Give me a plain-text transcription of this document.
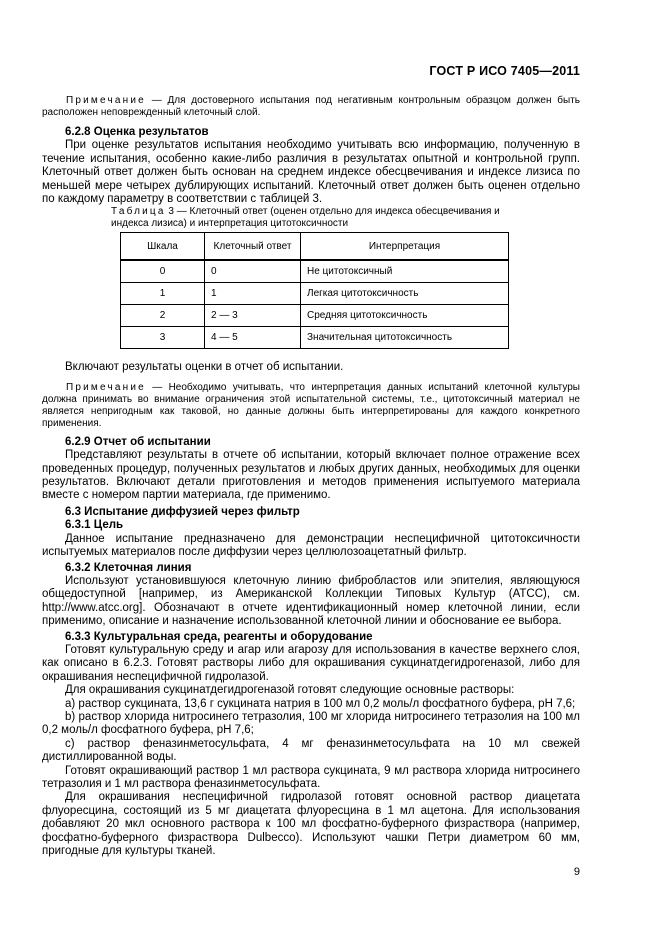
ГОСТ Р ИСО 7405—2011

Примечание — Для достоверного испытания под негативным контрольным образцом должен быть расположен неповрежденный клеточный слой.

6.2.8 Оценка результатов

При оценке результатов испытания необходимо учитывать всю информацию, полученную в течение испытания, особенно какие-либо различия в результатах опытной и контрольной групп. Клеточный ответ должен быть основан на среднем индексе обесцвечивания и индексе лизиса по меньшей мере четырех дублирующих испытаний. Клеточный ответ должен быть оценен отдельно по каждому параметру в соответствии с таблицей 3.

Таблица 3 — Клеточный ответ (оценен отдельно для индекса обесцвечивания и индекса лизиса) и интерпретация цитотоксичности

Шкала	Клеточный ответ	Интерпретация
0	0	Не цитотоксичный
1	1	Легкая цитотоксичность
2	2 — 3	Средняя цитотоксичность
3	4 — 5	Значительная цитотоксичность

Включают результаты оценки в отчет об испытании.

Примечание — Необходимо учитывать, что интерпретация данных испытаний клеточной культуры должна принимать во внимание ограничения этой испытательной системы, т.е., цитотоксичный материал не является непригодным как таковой, но данные должны быть интерпретированы для каждого конкретного применения.

6.2.9 Отчет об испытании

Представляют результаты в отчете об испытании, который включает полное отражение всех проведенных процедур, полученных результатов и любых других данных, необходимых для оценки результатов. Включают детали приготовления и методов применения испытуемого материала вместе с номером партии материала, где применимо.

6.3 Испытание диффузией через фильтр

6.3.1 Цель

Данное испытание предназначено для демонстрации неспецифичной цитотоксичности испытуемых материалов после диффузии через целлюлозоацетатный фильтр.

6.3.2 Клеточная линия

Используют установившуюся клеточную линию фибробластов или эпителия, являющуюся общедоступной [например, из Американской Коллекции Типовых Культур (ATCC), см. http://www.atcc.org]. Обозначают в отчете идентификационный номер клеточной линии, если применимо, описание и назначение использованной клеточной линии и обоснование ее выбора.

6.3.3 Культуральная среда, реагенты и оборудование

Готовят культуральную среду и агар или агарозу для использования в качестве верхнего слоя, как описано в 6.2.3. Готовят растворы либо для окрашивания сукцинатдегидрогеназой, либо для окрашивания неспецифичной гидролазой.

Для окрашивания сукцинатдегидрогеназой готовят следующие основные растворы:

a) раствор сукцината, 13,6 г сукцината натрия в 100 мл 0,2 моль/л фосфатного буфера, pH 7,6;

b) раствор хлорида нитросинего тетразолия, 100 мг хлорида нитросинего тетразолия на 100 мл 0,2 моль/л фосфатного буфера, pH 7,6;

c) раствор феназинметосульфата, 4 мг феназинметосульфата на 10 мл свежей дистиллированной воды.

Готовят окрашивающий раствор 1 мл раствора сукцината, 9 мл раствора хлорида нитросинего тетразолия и 1 мл раствора феназинметосульфата.

Для окрашивания неспецифичной гидролазой готовят основной раствор диацетата флуоресцина, состоящий из 5 мг диацетата флуоресцина в 1 мл ацетона. Для использования добавляют 20 мкл основного раствора к 100 мл фосфатно-буферного физраствора (например, фосфатно-буферного физраствора Dulbecco). Используют чашки Петри диаметром 60 мм, пригодные для культуры тканей.

9
